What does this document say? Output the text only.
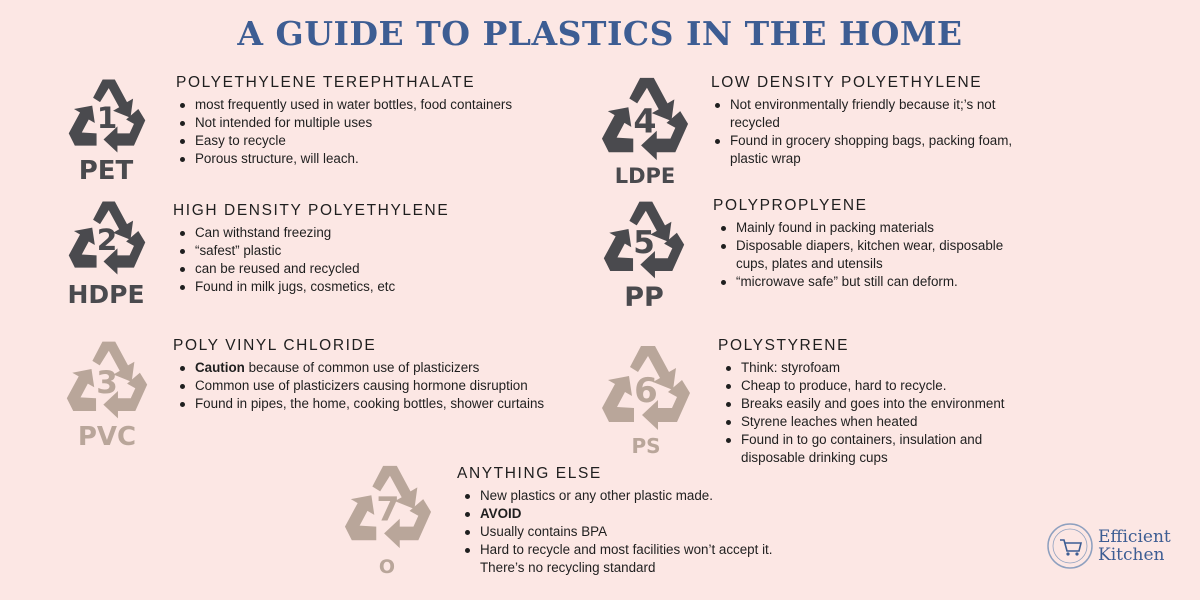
A GUIDE TO PLASTICS IN THE HOME
1
PET
POLYETHYLENE TEREPHTHALATE
most frequently used in water bottles, food containers
Not intended for multiple uses
Easy to recycle
Porous structure, will leach.
2
HDPE
HIGH DENSITY POLYETHYLENE
Can withstand freezing
“safest” plastic
can be reused and recycled
Found in milk jugs, cosmetics, etc
3
PVC
POLY VINYL CHLORIDE
Caution because of common use of plasticizers
Common use of plasticizers causing hormone disruption
Found in pipes, the home, cooking bottles, shower curtains
4
LDPE
LOW DENSITY POLYETHYLENE
Not environmentally friendly because it;’s not recycled
Found in grocery shopping bags, packing foam, plastic wrap
5
PP
POLYPROPLYENE
Mainly found in packing materials
Disposable diapers, kitchen wear, disposable cups, plates and utensils
“microwave safe” but still can deform.
6
PS
POLYSTYRENE
Think: styrofoam
Cheap to produce, hard to recycle.
Breaks easily and goes into the environment
Styrene leaches when heated
Found in to go containers, insulation and disposable drinking cups
7
O
ANYTHING ELSE
New plastics or any other plastic made.
AVOID
Usually contains BPA
Hard to recycle and most facilities won’t accept it. There’s no recycling standard
Efficient
Kitchen
